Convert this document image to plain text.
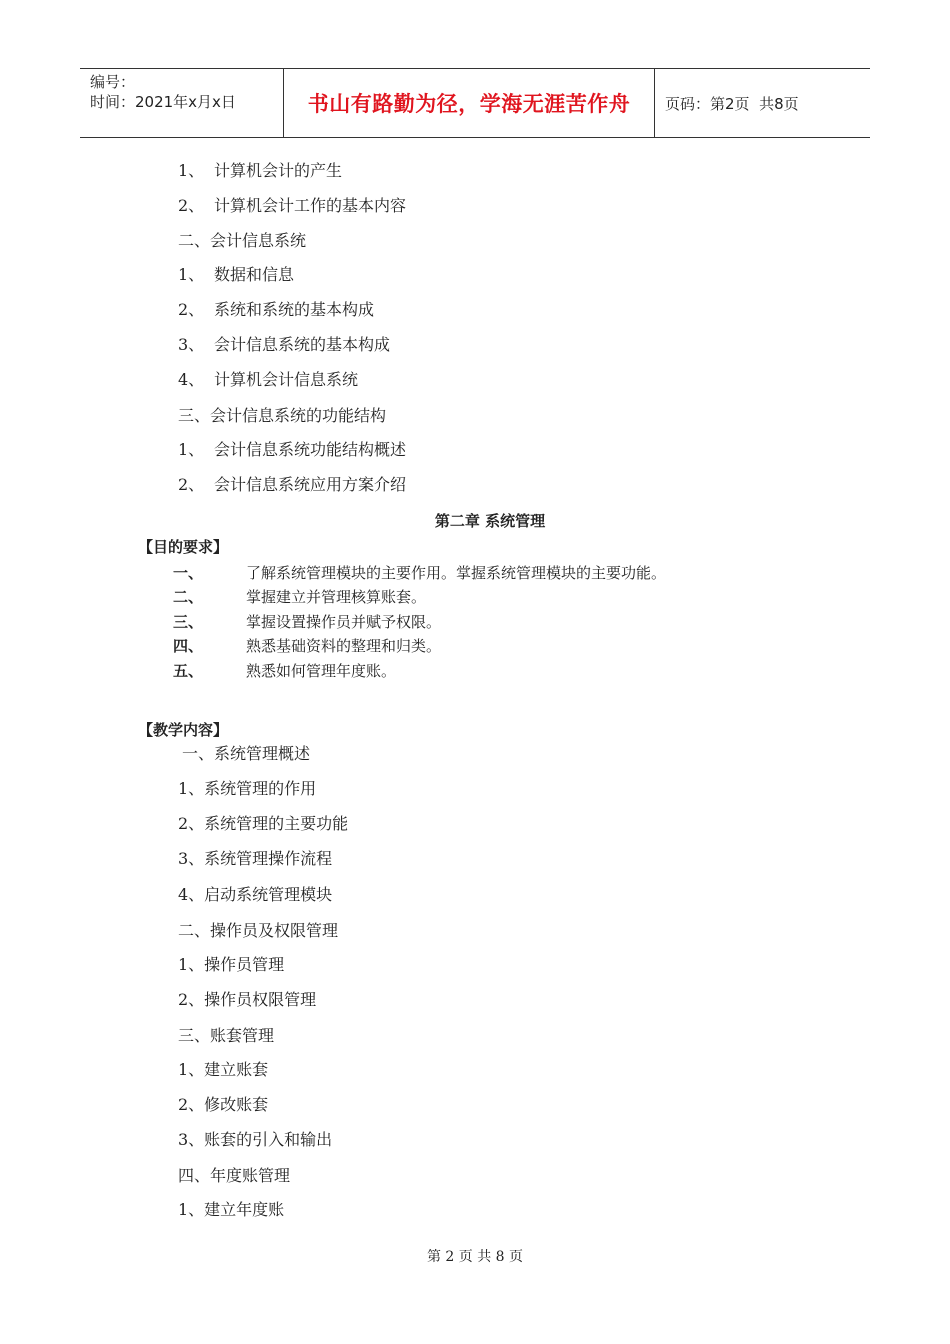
编号：
时间：2021年x月x日	书山有路勤为径，学海无涯苦作舟	页码：第2页  共8页
1、 计算机会计的产生
2、 计算机会计工作的基本内容
二、会计信息系统
1、 数据和信息
2、 系统和系统的基本构成
3、 会计信息系统的基本构成
4、 计算机会计信息系统
三、会计信息系统的功能结构
1、 会计信息系统功能结构概述
2、 会计信息系统应用方案介绍
第二章 系统管理
【目的要求】
一、	了解系统管理模块的主要作用。掌握系统管理模块的主要功能。
二、	掌握建立并管理核算账套。
三、	掌握设置操作员并赋予权限。
四、	熟悉基础资料的整理和归类。
五、	熟悉如何管理年度账。
【教学内容】
一、系统管理概述
1、系统管理的作用
2、系统管理的主要功能
3、系统管理操作流程
4、启动系统管理模块
二、操作员及权限管理
1、操作员管理
2、操作员权限管理
三、账套管理
1、建立账套
2、修改账套
3、账套的引入和输出
四、年度账管理
1、建立年度账
第 2 页 共 8 页
